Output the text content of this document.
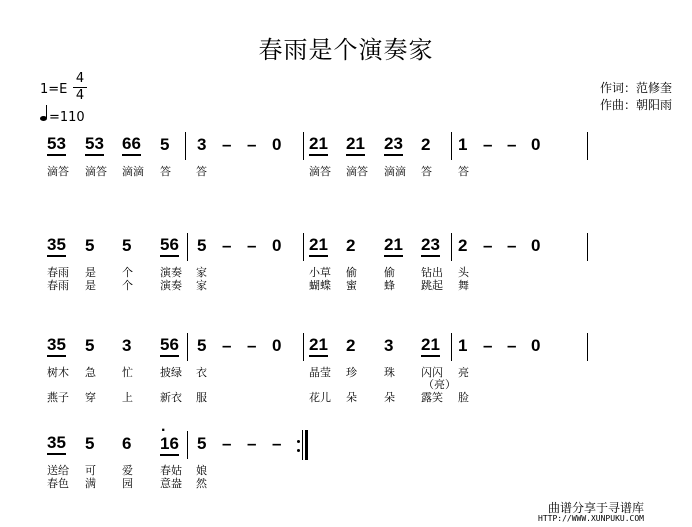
春雨是个演奏家
作词：范修奎
作曲：朝阳雨
1=E
4
4
=110
53 53 66 5 3 – – 0 21 21 23 2 1 – – 0
滴答 滴答 滴滴 答 答	滴答 滴答 滴滴 答 答
35 5 5 56 5 – – 0 21 2 21 23 2 – – 0
春雨 是 个 演奏 家	小草 偷 偷 钻出 头
春雨 是 个 演奏 家	蝴蝶 蜜 蜂 跳起 舞
35 5 3 56 5 – – 0 21 2 3 21 1 – – 0
树木 急 忙 披绿 衣	晶莹 珍 珠 闪闪 亮
（亮）
燕子 穿 上 新衣 服	花儿 朵 朵 露笑 脸
35 5 6
· 16 5 – – –
送给 可 爱 春姑 娘
春色 满 园 意盎 然
曲谱分享于寻谱库
HTTP://WWW.XUNPUKU.COM
